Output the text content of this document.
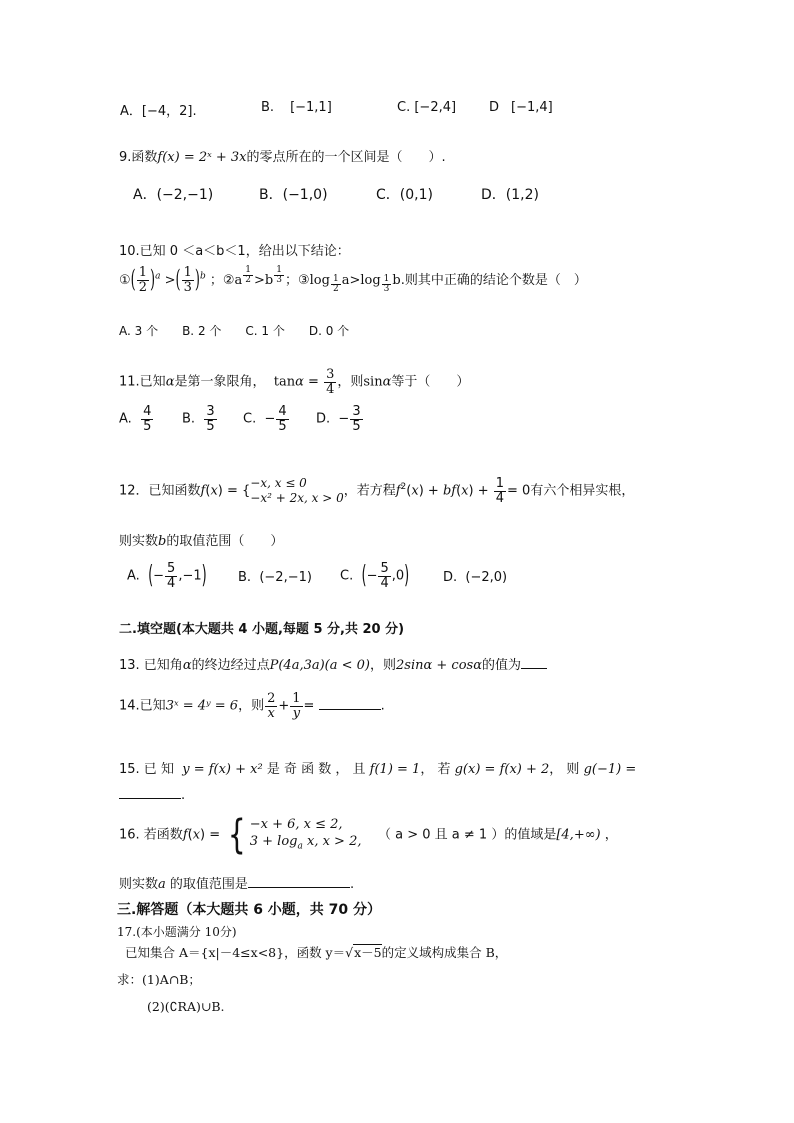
A．[−4，2].	B. [−1,1]	C. [−2,4]	D [−1,4]
9.函数f(x) = 2ˣ + 3x的零点所在的一个区间是（　　）.
A．(−2,−1)	B．(−1,0)	C．(0,1)	D．(1,2)
10.已知 0 ＜a＜b＜1，给出以下结论：
①( $\frac{1}{2} )^a$ >( $\frac{1}{3} )^b$ ；②a $^{\frac{1}{2}}$ >b $^{\frac{1}{3}}$ ；③log $_{\frac{1}{2}}$ a>log $_{\frac{1}{3}}$ b.则其中正确的结论个数是（　）
A. 3 个　　B. 2 个　　C. 1 个　　D. 0 个
11.已知α是第一象限角， $\tan\alpha = \frac{3}{4}$ ，则sinα等于（　　）
A. $\frac{4}{5} B$. $\frac{3}{5} C$.  − $\frac{4}{5} D$.  − $\frac{3}{5}$
12．已知函数f(x) = {
−x, x ≤ 0
−x² + 2x, x > 0 ，若方程$f^2(x) + bf(x) + \frac{1}{4} = 0$有六个相异实根，
则实数b的取值范围（　　）
A. (− $\frac{5}{4} ,-1$) B. (−2,−1) C. (− $\frac{5}{4} ,0$)	D. (−2,0)
二.填空题(本大题共 4 小题,每题 5 分,共 20 分)
13. 已知角α的终边经过点P(4a,3a)(a < 0)，则2sinα + cosα的值为
14.已知3ˣ = 4ʸ = 6，则 $\frac{2}{x} + \frac{1}{y}$ =	.
15. 已 知 y = f(x) + x² 是 奇 函 数 ， 且 f(1) = 1， 若 g(x) = f(x) + 2， 则 g(−1) =
.
16. 若函数f(x) = { −x + 6, x ≤ 2,
$3 + \log_a x$, x > 2, （ a > 0 且 a ≠ 1 ）的值域是[4,+∞) ，
则实数a 的取值范围是	.
三.解答题（本大题共 6 小题，共 70 分）
17.(本小题满分 10分)
已知集合 A＝{x|－4≤x<8}，函数 y＝√x－5的定义域构成集合 B，
求：(1)A∩B；
(2)(∁RA)∪B.
